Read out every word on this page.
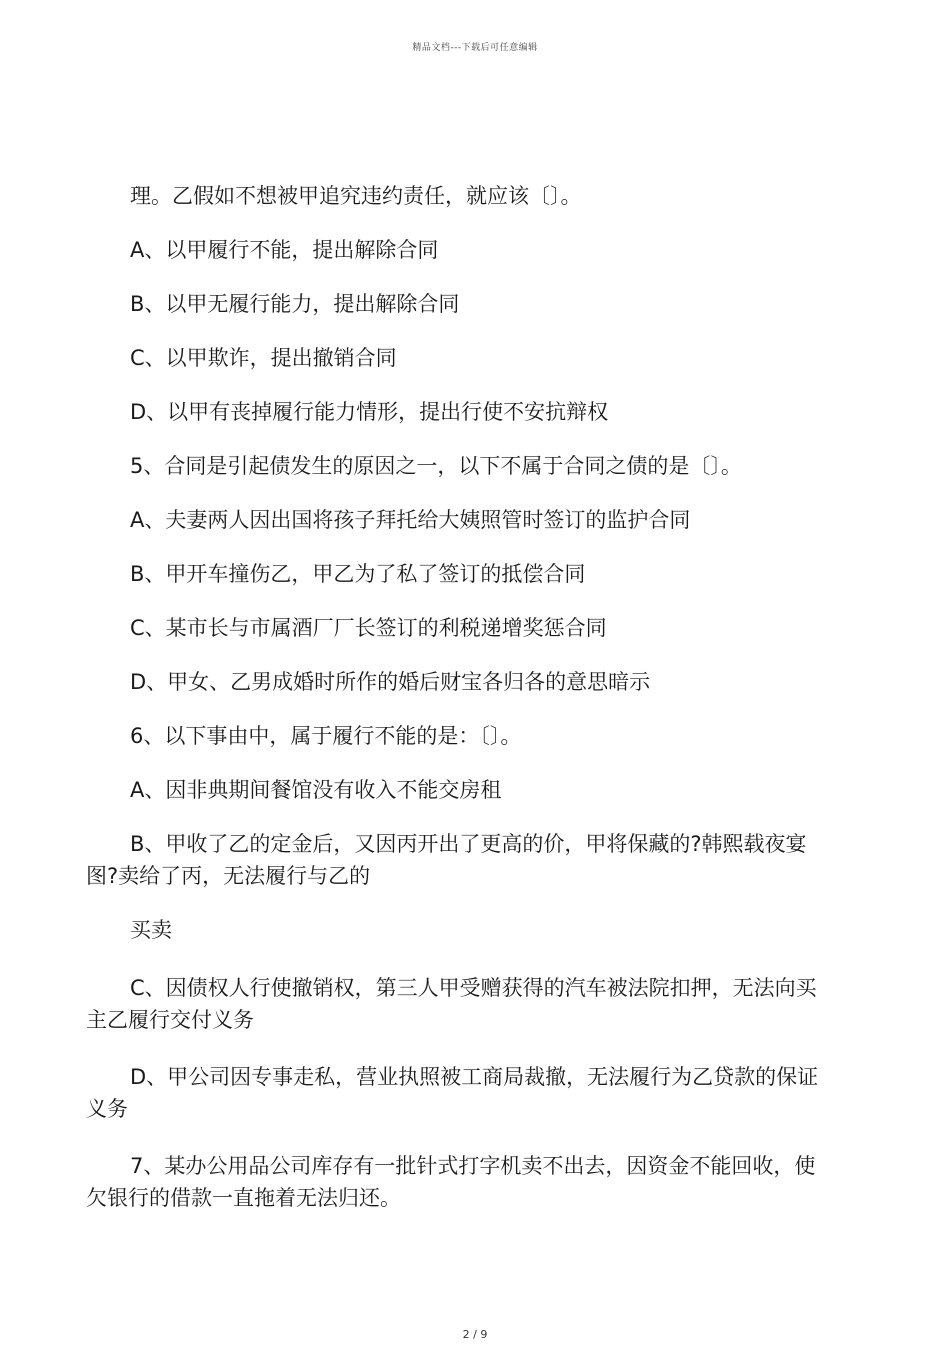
精品文档---下载后可任意编辑
理。乙假如不想被甲追究违约责任，就应该〔〕。
A、以甲履行不能，提出解除合同
B、以甲无履行能力，提出解除合同
C、以甲欺诈，提出撤销合同
D、以甲有丧掉履行能力情形，提出行使不安抗辩权
5、合同是引起债发生的原因之一，以下不属于合同之债的是〔〕。
A、夫妻两人因出国将孩子拜托给大姨照管时签订的监护合同
B、甲开车撞伤乙，甲乙为了私了签订的抵偿合同
C、某市长与市属酒厂厂长签订的利税递增奖惩合同
D、甲女、乙男成婚时所作的婚后财宝各归各的意思暗示
6、以下事由中，属于履行不能的是：〔〕。
A、因非典期间餐馆没有收入不能交房租
B、甲收了乙的定金后，又因丙开出了更高的价，甲将保藏的?韩熙载夜宴
图?卖给了丙，无法履行与乙的
买卖
C、因债权人行使撤销权，第三人甲受赠获得的汽车被法院扣押，无法向买
主乙履行交付义务
D、甲公司因专事走私，营业执照被工商局裁撤，无法履行为乙贷款的保证
义务
7、某办公用品公司库存有一批针式打字机卖不出去，因资金不能回收，使
欠银行的借款一直拖着无法归还。
2 / 9
